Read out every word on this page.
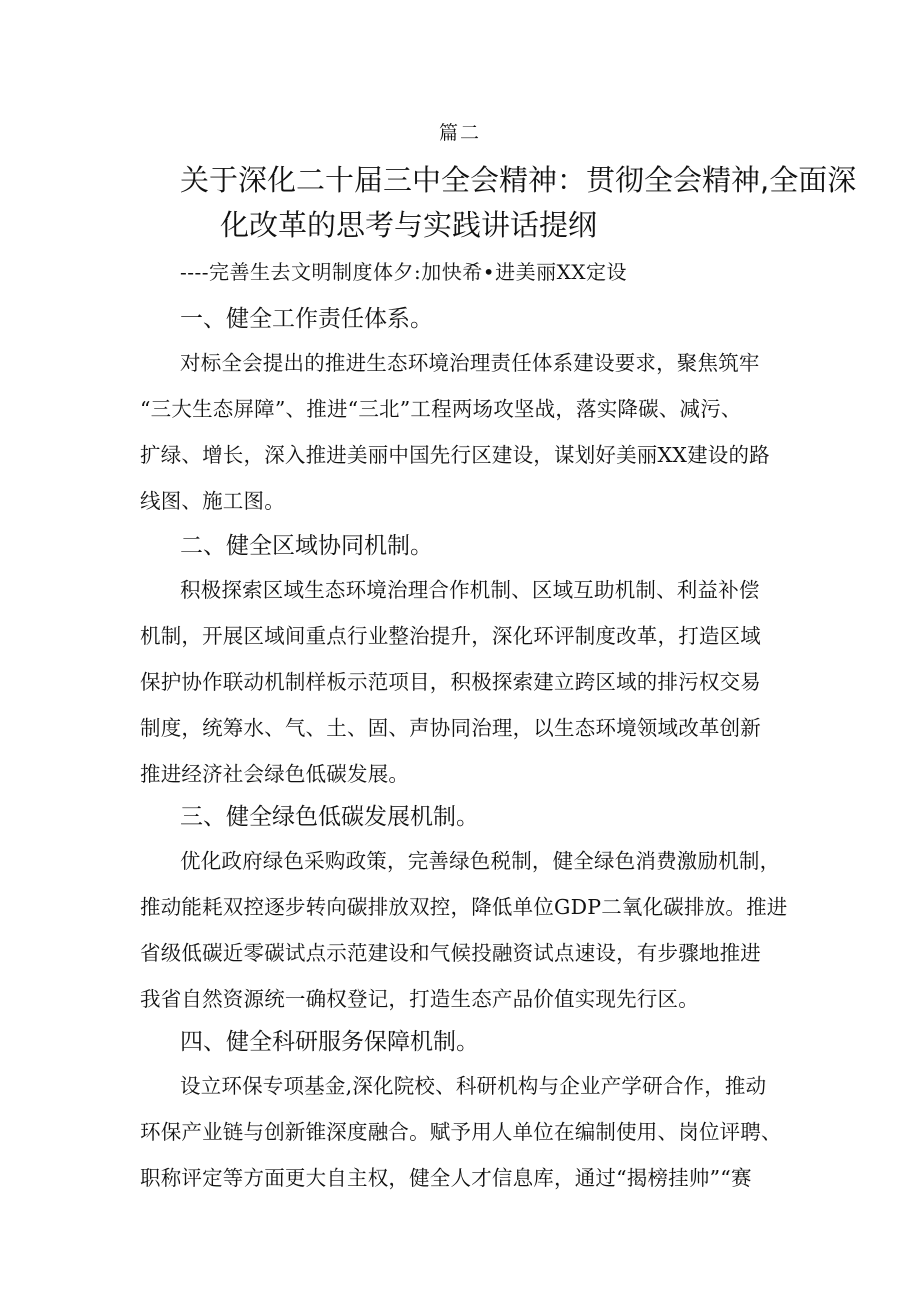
篇二
关于深化二十届三中全会精神：贯彻全会精神,全面深
化改革的思考与实践讲话提纲
----完善生去文明制度体夕:加快希•进美丽XX定设
一、健全工作责任体系。
对标全会提出的推进生态环境治理责任体系建设要求，聚焦筑牢
“三大生态屏障”、推进“三北”工程两场攻坚战，落实降碳、减污、
扩绿、增长，深入推进美丽中国先行区建设，谋划好美丽XX建设的路
线图、施工图。
二、健全区域协同机制。
积极探索区域生态环境治理合作机制、区域互助机制、利益补偿
机制，开展区域间重点行业整治提升，深化环评制度改革，打造区域
保护协作联动机制样板示范项目，积极探索建立跨区域的排污权交易
制度，统筹水、气、土、固、声协同治理，以生态环境领域改革创新
推进经济社会绿色低碳发展。
三、健全绿色低碳发展机制。
优化政府绿色采购政策，完善绿色税制，健全绿色消费激励机制，
推动能耗双控逐步转向碳排放双控，降低单位GDP二氧化碳排放。推进
省级低碳近零碳试点示范建设和气候投融资试点速设，有步骤地推进
我省自然资源统一确权登记，打造生态产品价值实现先行区。
四、健全科研服务保障机制。
设立环保专项基金,深化院校、科研机构与企业产学研合作，推动
环保产业链与创新锥深度融合。赋予用人单位在编制使用、岗位评聘、
职称评定等方面更大自主权，健全人才信息库，通过“揭榜挂帅”“赛
